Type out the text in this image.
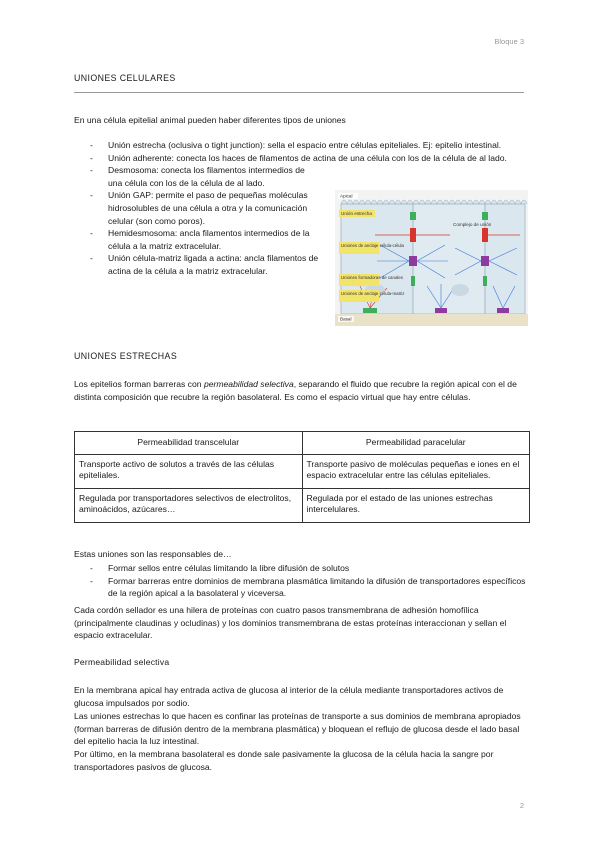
Bloque 3
UNIONES CELULARES
En una célula epitelial animal pueden haber diferentes tipos de uniones
- Unión estrecha (oclusiva o tight junction): sella el espacio entre células epiteliales. Ej: epitelio intestinal.
- Unión adherente: conecta los haces de filamentos de actina de una célula con los de la célula de al lado.
- Desmosoma: conecta los filamentos intermedios de una célula con los de la célula de al lado.
- Unión GAP: permite el paso de pequeñas moléculas hidrosolubles de una célula a otra y la comunicación celular (son como poros).
- Hemidesmosoma: ancla filamentos intermedios de la célula a la matriz extracelular.
- Unión célula-matriz ligada a actina: ancla filamentos de actina de la célula a la matriz extracelular.
Apical
Unión estrecha
Complejo de unión
Uniones de anclaje célula-célula
Uniones formadoras de canales
Uniones de anclaje célula-matriz
Basal
UNIONES ESTRECHAS
Los epitelios forman barreras con permeabilidad selectiva, separando el fluido que recubre la región apical con el de distinta composición que recubre la región basolateral. Es como el espacio virtual que hay entre células.
Permeabilidad transcelular	Permeabilidad paracelular
Transporte activo de solutos a través de las células epiteliales.	Transporte pasivo de moléculas pequeñas e iones en el espacio extracelular entre las células epiteliales.
Regulada por transportadores selectivos de electrolitos, aminoácidos, azúcares…	Regulada por el estado de las uniones estrechas intercelulares.
Estas uniones son las responsables de…
- Formar sellos entre células limitando la libre difusión de solutos
- Formar barreras entre dominios de membrana plasmática limitando la difusión de transportadores específicos de la región apical a la basolateral y viceversa.
Cada cordón sellador es una hilera de proteínas con cuatro pasos transmembrana de adhesión homofílica (principalmente claudinas y ocludinas) y los dominios transmembrana de estas proteínas interaccionan y sellan el espacio extracelular.
Permeabilidad selectiva
En la membrana apical hay entrada activa de glucosa al interior de la célula mediante transportadores activos de glucosa impulsados por sodio.
Las uniones estrechas lo que hacen es confinar las proteínas de transporte a sus dominios de membrana apropiados (forman barreras de difusión dentro de la membrana plasmática) y bloquean el reflujo de glucosa desde el lado basal del epitelio hacia la luz intestinal.
Por último, en la membrana basolateral es donde sale pasivamente la glucosa de la célula hacia la sangre por transportadores pasivos de glucosa.
2
